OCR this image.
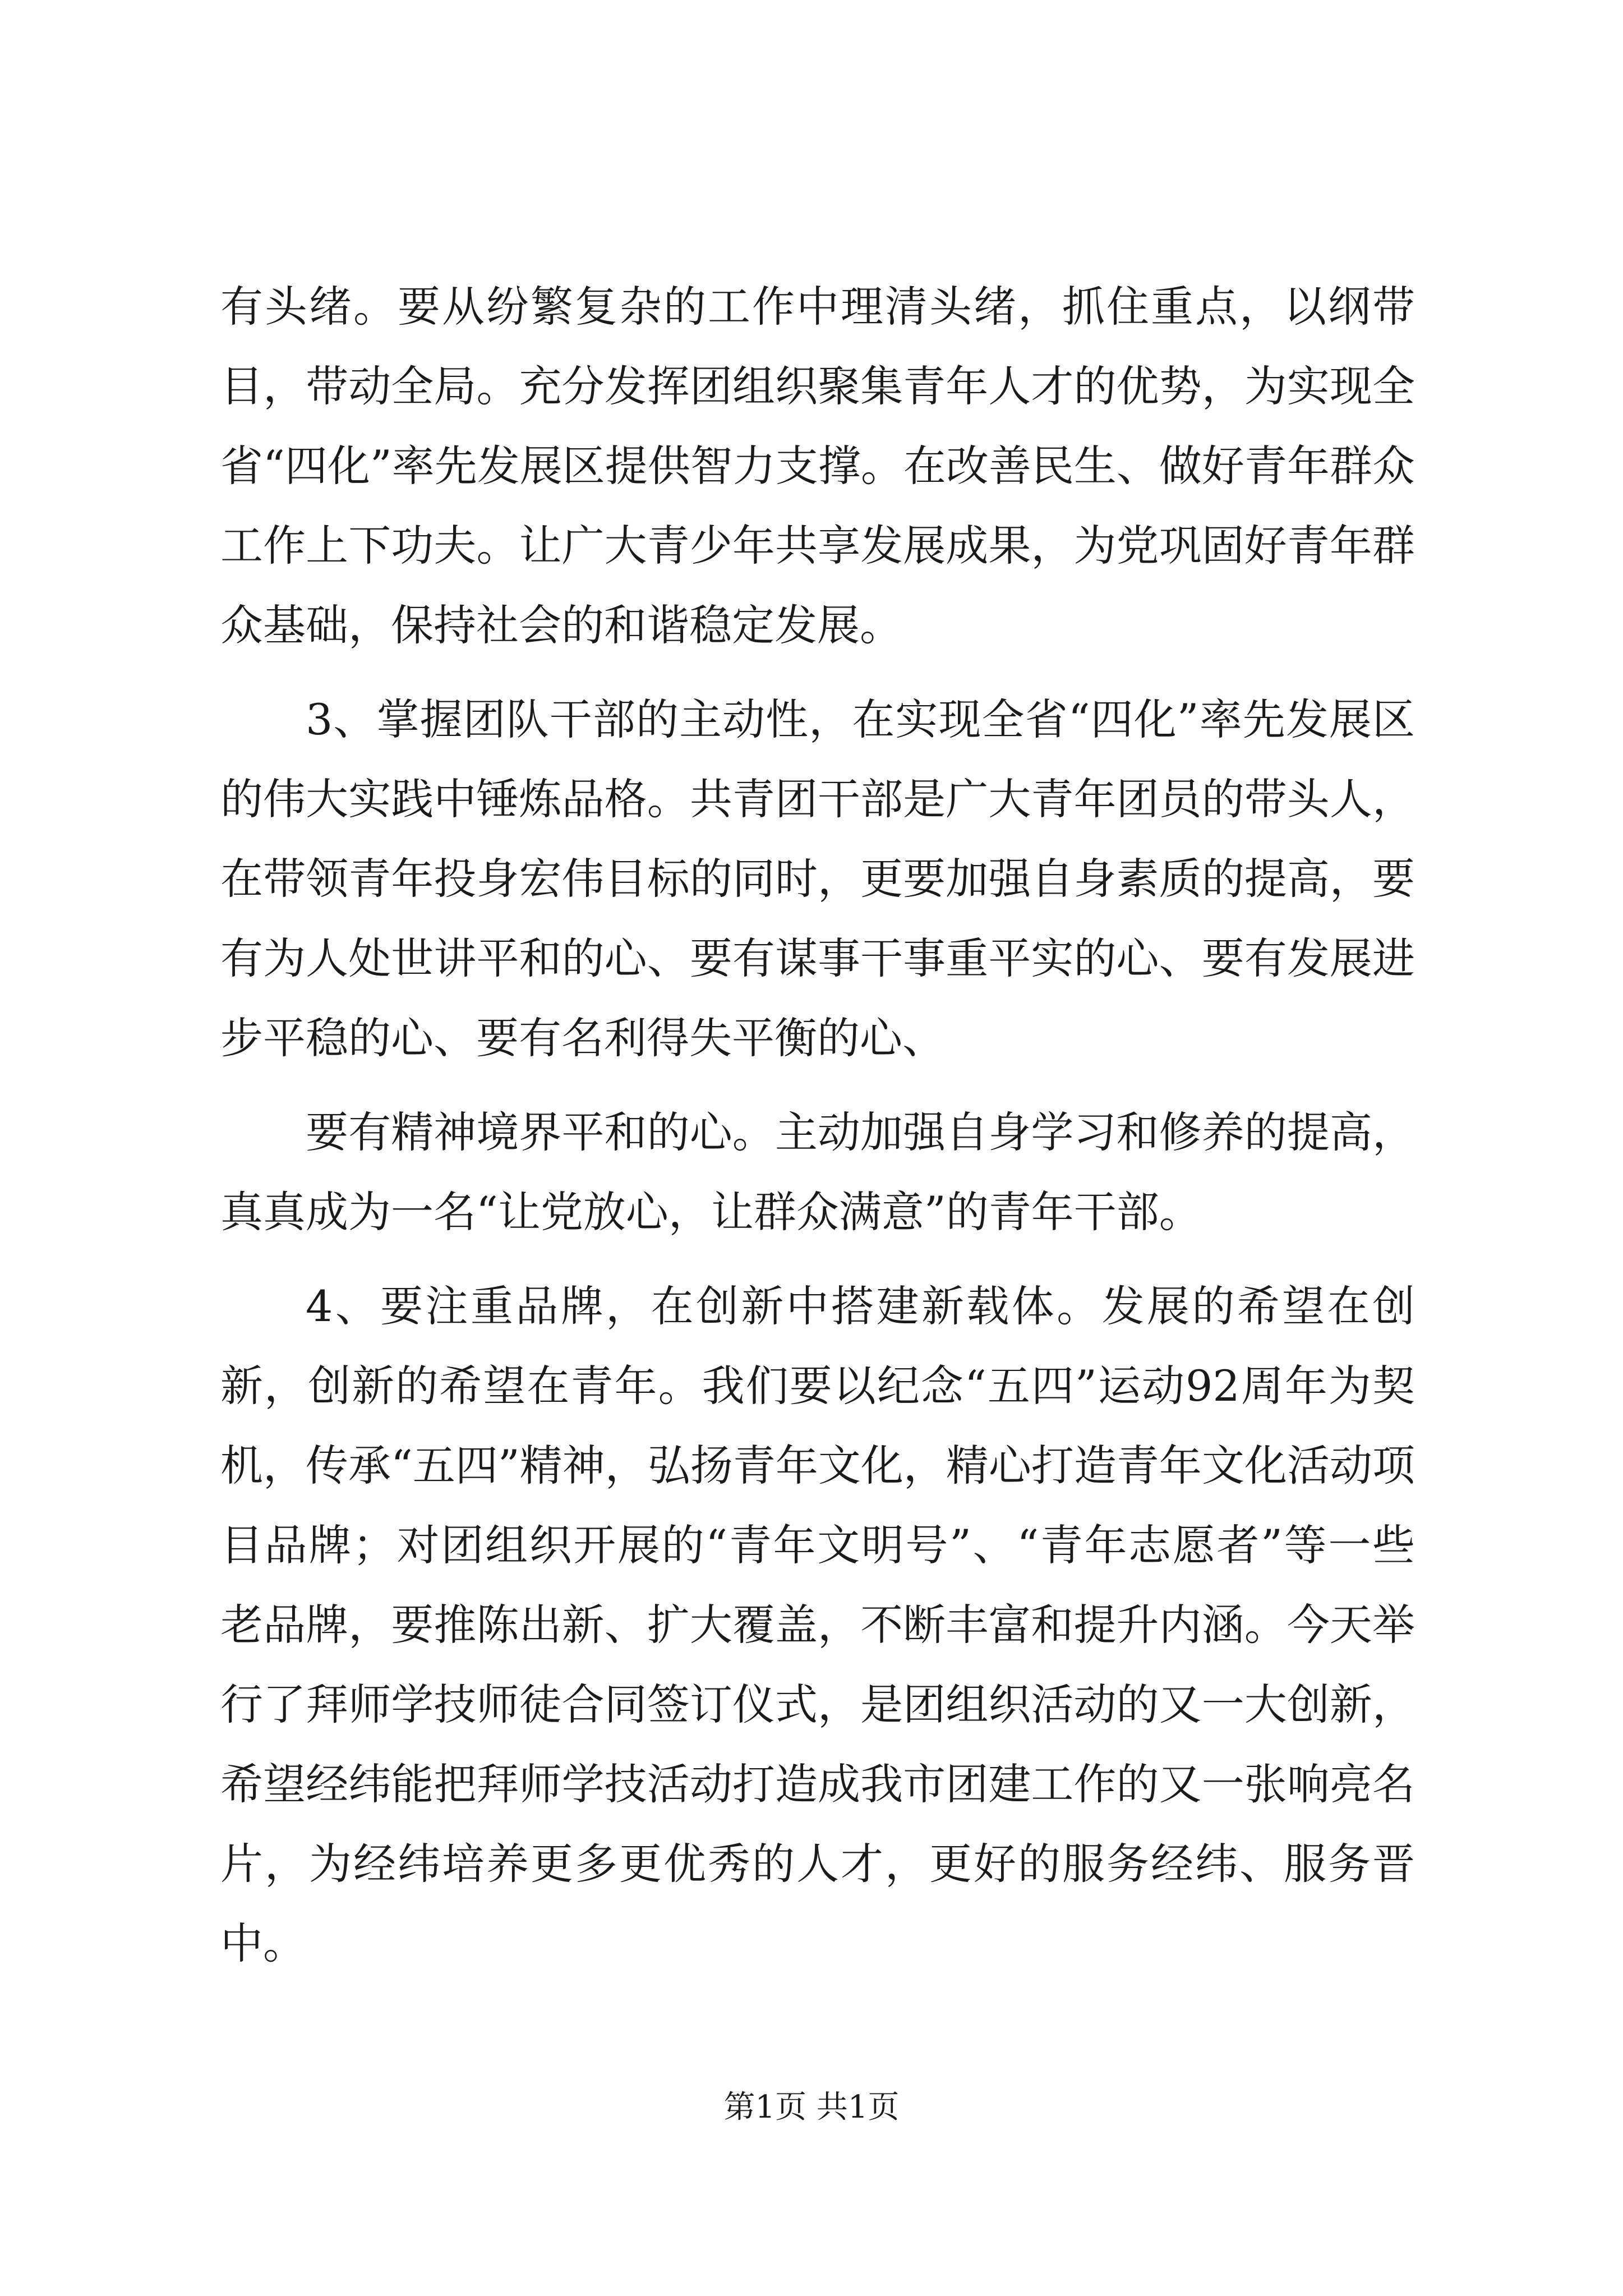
有头绪。要从纷繁复杂的工作中理清头绪，抓住重点，以纲带目，带动全局。充分发挥团组织聚集青年人才的优势，为实现全省“四化”率先发展区提供智力支撑。在改善民生、做好青年群众工作上下功夫。让广大青少年共享发展成果，为党巩固好青年群众基础，保持社会的和谐稳定发展。

3、掌握团队干部的主动性，在实现全省“四化”率先发展区的伟大实践中锤炼品格。共青团干部是广大青年团员的带头人，在带领青年投身宏伟目标的同时，更要加强自身素质的提高，要有为人处世讲平和的心、要有谋事干事重平实的心、要有发展进步平稳的心、要有名利得失平衡的心、

要有精神境界平和的心。主动加强自身学习和修养的提高，真真成为一名“让党放心，让群众满意”的青年干部。

4、要注重品牌，在创新中搭建新载体。发展的希望在创新，创新的希望在青年。我们要以纪念“五四”运动92周年为契机，传承“五四”精神，弘扬青年文化，精心打造青年文化活动项目品牌；对团组织开展的“青年文明号”、“青年志愿者”等一些老品牌，要推陈出新、扩大覆盖，不断丰富和提升内涵。今天举行了拜师学技师徒合同签订仪式，是团组织活动的又一大创新，希望经纬能把拜师学技活动打造成我市团建工作的又一张响亮名片，为经纬培养更多更优秀的人才，更好的服务经纬、服务晋中。

第1页 共1页
